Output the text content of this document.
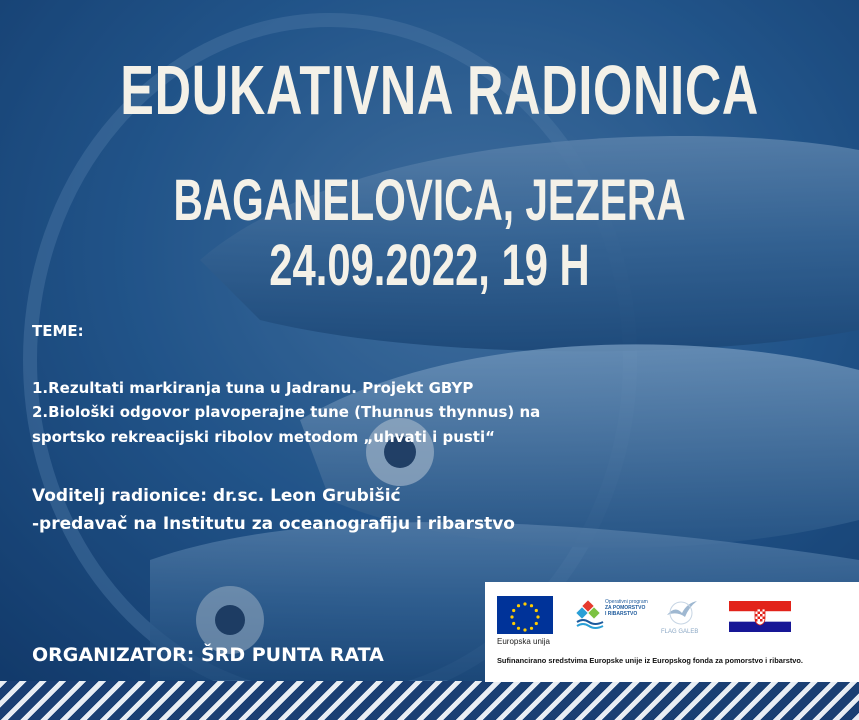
EDUKATIVNA RADIONICA
BAGANELOVICA, JEZERA
24.09.2022, 19 H
TEME:
1.Rezultati markiranja tuna u Jadranu. Projekt GBYP
2.Biološki odgovor plavoperajne tune (Thunnus thynnus) na
sportsko rekreacijski ribolov metodom „uhvati i pusti“
Voditelj radionice: dr.sc. Leon Grubišić
-predavač na Institutu za oceanografiju i ribarstvo
ORGANIZATOR: ŠRD PUNTA RATA
Europska unija
Operativni program
ZA POMORSTVO
I RIBARSTVO
FLAG GALEB
Sufinancirano sredstvima Europske unije iz Europskog fonda za pomorstvo i ribarstvo.
